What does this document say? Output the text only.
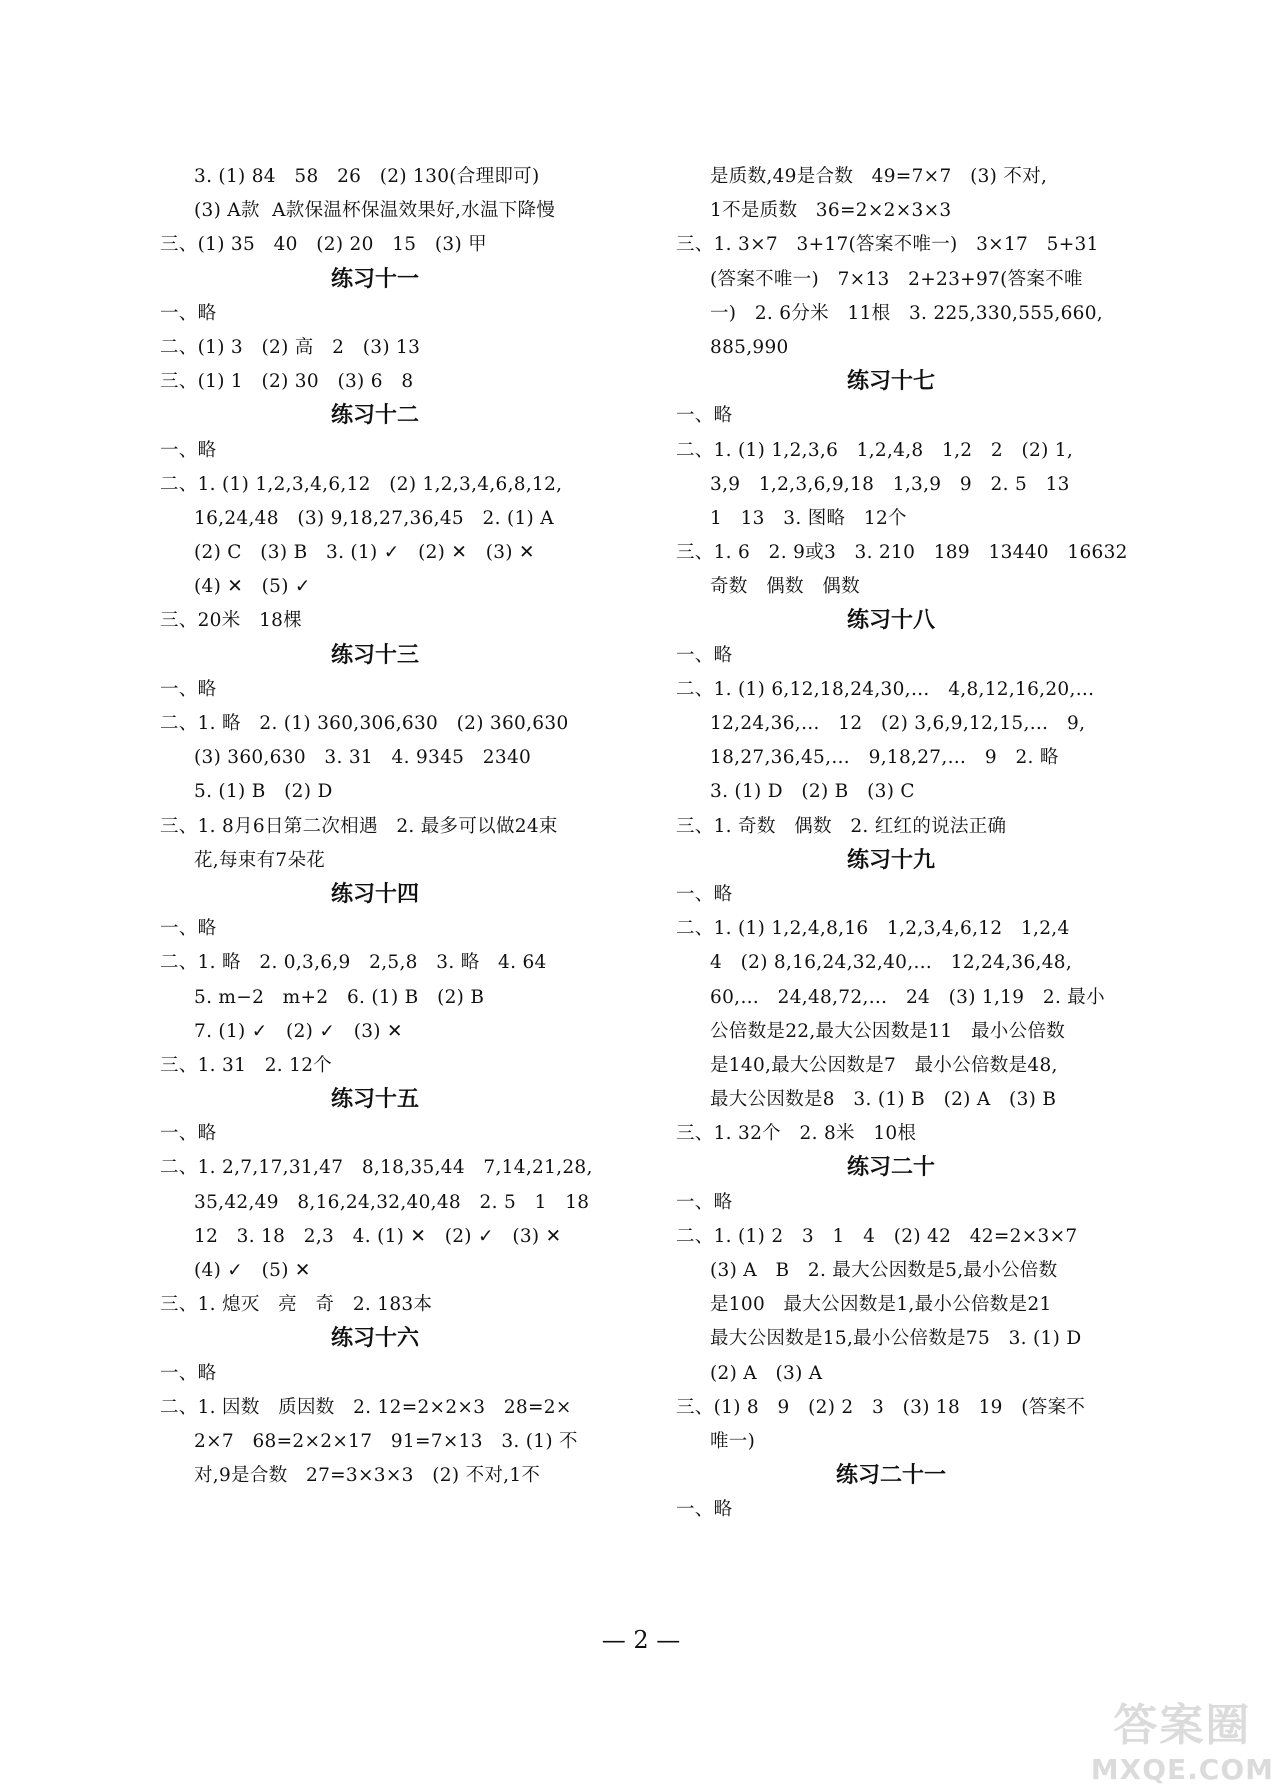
3. (1) 84   58   26   (2) 130(合理即可)
(3) A款  A款保温杯保温效果好,水温下降慢
三、(1) 35   40   (2) 20   15   (3) 甲
练习十一
一、略
二、(1) 3   (2) 高   2   (3) 13
三、(1) 1   (2) 30   (3) 6   8
练习十二
一、略
二、1. (1) 1,2,3,4,6,12   (2) 1,2,3,4,6,8,12,
16,24,48   (3) 9,18,27,36,45   2. (1) A
(2) C   (3) B   3. (1) ✓   (2) ✕   (3) ✕
(4) ✕   (5) ✓
三、20米   18棵
练习十三
一、略
二、1. 略   2. (1) 360,306,630   (2) 360,630
(3) 360,630   3. 31   4. 9345   2340
5. (1) B   (2) D
三、1. 8月6日第二次相遇   2. 最多可以做24束
花,每束有7朵花
练习十四
一、略
二、1. 略   2. 0,3,6,9   2,5,8   3. 略   4. 64
5. m−2   m+2   6. (1) B   (2) B
7. (1) ✓   (2) ✓   (3) ✕
三、1. 31   2. 12个
练习十五
一、略
二、1. 2,7,17,31,47   8,18,35,44   7,14,21,28,
35,42,49   8,16,24,32,40,48   2. 5   1   18
12   3. 18   2,3   4. (1) ✕   (2) ✓   (3) ✕
(4) ✓   (5) ✕
三、1. 熄灭   亮   奇   2. 183本
练习十六
一、略
二、1. 因数   质因数   2. 12=2×2×3   28=2×
2×7   68=2×2×17   91=7×13   3. (1) 不
对,9是合数   27=3×3×3   (2) 不对,1不
是质数,49是合数   49=7×7   (3) 不对,
1不是质数   36=2×2×3×3
三、1. 3×7   3+17(答案不唯一)   3×17   5+31
(答案不唯一)   7×13   2+23+97(答案不唯
一)   2. 6分米   11根   3. 225,330,555,660,
885,990
练习十七
一、略
二、1. (1) 1,2,3,6   1,2,4,8   1,2   2   (2) 1,
3,9   1,2,3,6,9,18   1,3,9   9   2. 5   13
1   13   3. 图略   12个
三、1. 6   2. 9或3   3. 210   189   13440   16632
奇数   偶数   偶数
练习十八
一、略
二、1. (1) 6,12,18,24,30,…   4,8,12,16,20,…
12,24,36,…   12   (2) 3,6,9,12,15,…   9,
18,27,36,45,…   9,18,27,…   9   2. 略
3. (1) D   (2) B   (3) C
三、1. 奇数   偶数   2. 红红的说法正确
练习十九
一、略
二、1. (1) 1,2,4,8,16   1,2,3,4,6,12   1,2,4
4   (2) 8,16,24,32,40,…   12,24,36,48,
60,…   24,48,72,…   24   (3) 1,19   2. 最小
公倍数是22,最大公因数是11   最小公倍数
是140,最大公因数是7   最小公倍数是48,
最大公因数是8   3. (1) B   (2) A   (3) B
三、1. 32个   2. 8米   10根
练习二十
一、略
二、1. (1) 2   3   1   4   (2) 42   42=2×3×7
(3) A   B   2. 最大公因数是5,最小公倍数
是100   最大公因数是1,最小公倍数是21
最大公因数是15,最小公倍数是75   3. (1) D
(2) A   (3) A
三、(1) 8   9   (2) 2   3   (3) 18   19   (答案不
唯一)
练习二十一
一、略
— 2 —
答案圈
MXQE.COM
